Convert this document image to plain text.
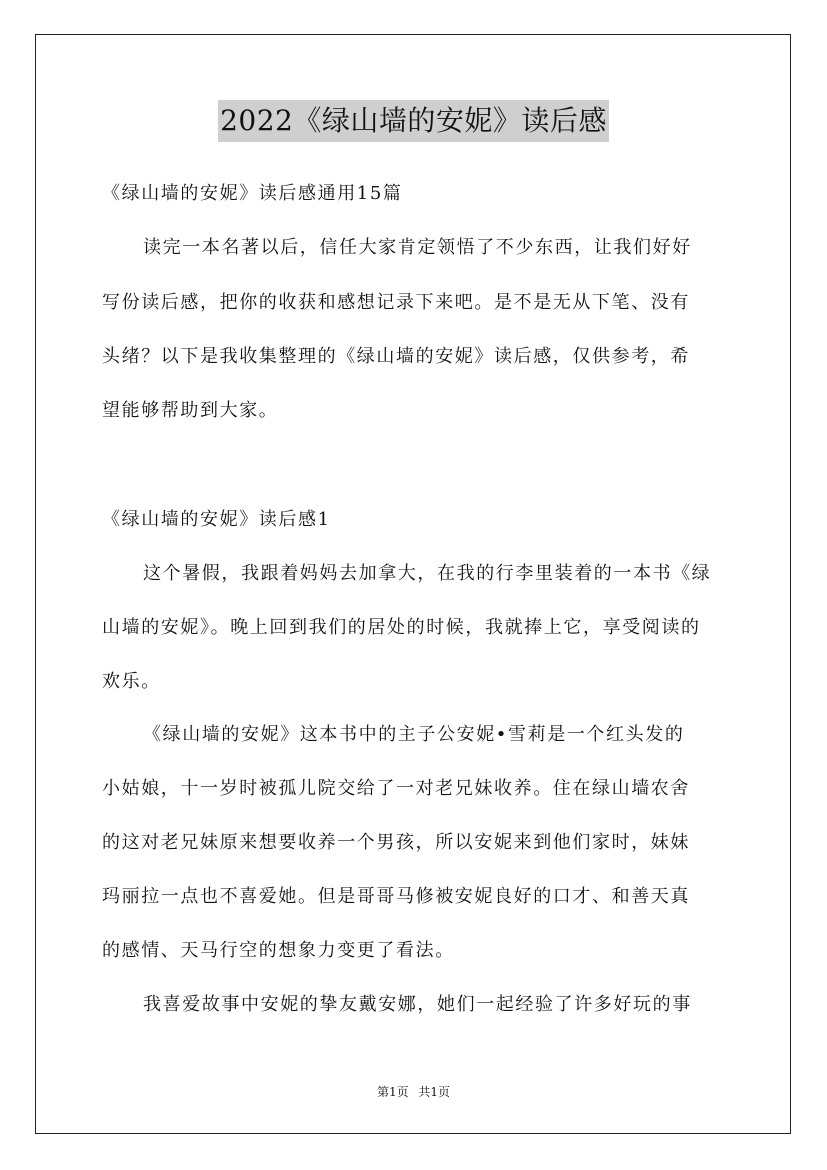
2022《绿山墙的安妮》读后感
《绿山墙的安妮》读后感通用15篇
读完一本名著以后，信任大家肯定领悟了不少东西，让我们好好
写份读后感，把你的收获和感想记录下来吧。是不是无从下笔、没有
头绪？以下是我收集整理的《绿山墙的安妮》读后感，仅供参考，希
望能够帮助到大家。
《绿山墙的安妮》读后感1
这个暑假，我跟着妈妈去加拿大，在我的行李里装着的一本书《绿
山墙的安妮》。晚上回到我们的居处的时候，我就捧上它，享受阅读的
欢乐。
《绿山墙的安妮》这本书中的主子公安妮•雪莉是一个红头发的
小姑娘，十一岁时被孤儿院交给了一对老兄妹收养。住在绿山墙农舍
的这对老兄妹原来想要收养一个男孩，所以安妮来到他们家时，妹妹
玛丽拉一点也不喜爱她。但是哥哥马修被安妮良好的口才、和善天真
的感情、天马行空的想象力变更了看法。
我喜爱故事中安妮的挚友戴安娜，她们一起经验了许多好玩的事
第1页 共1页
